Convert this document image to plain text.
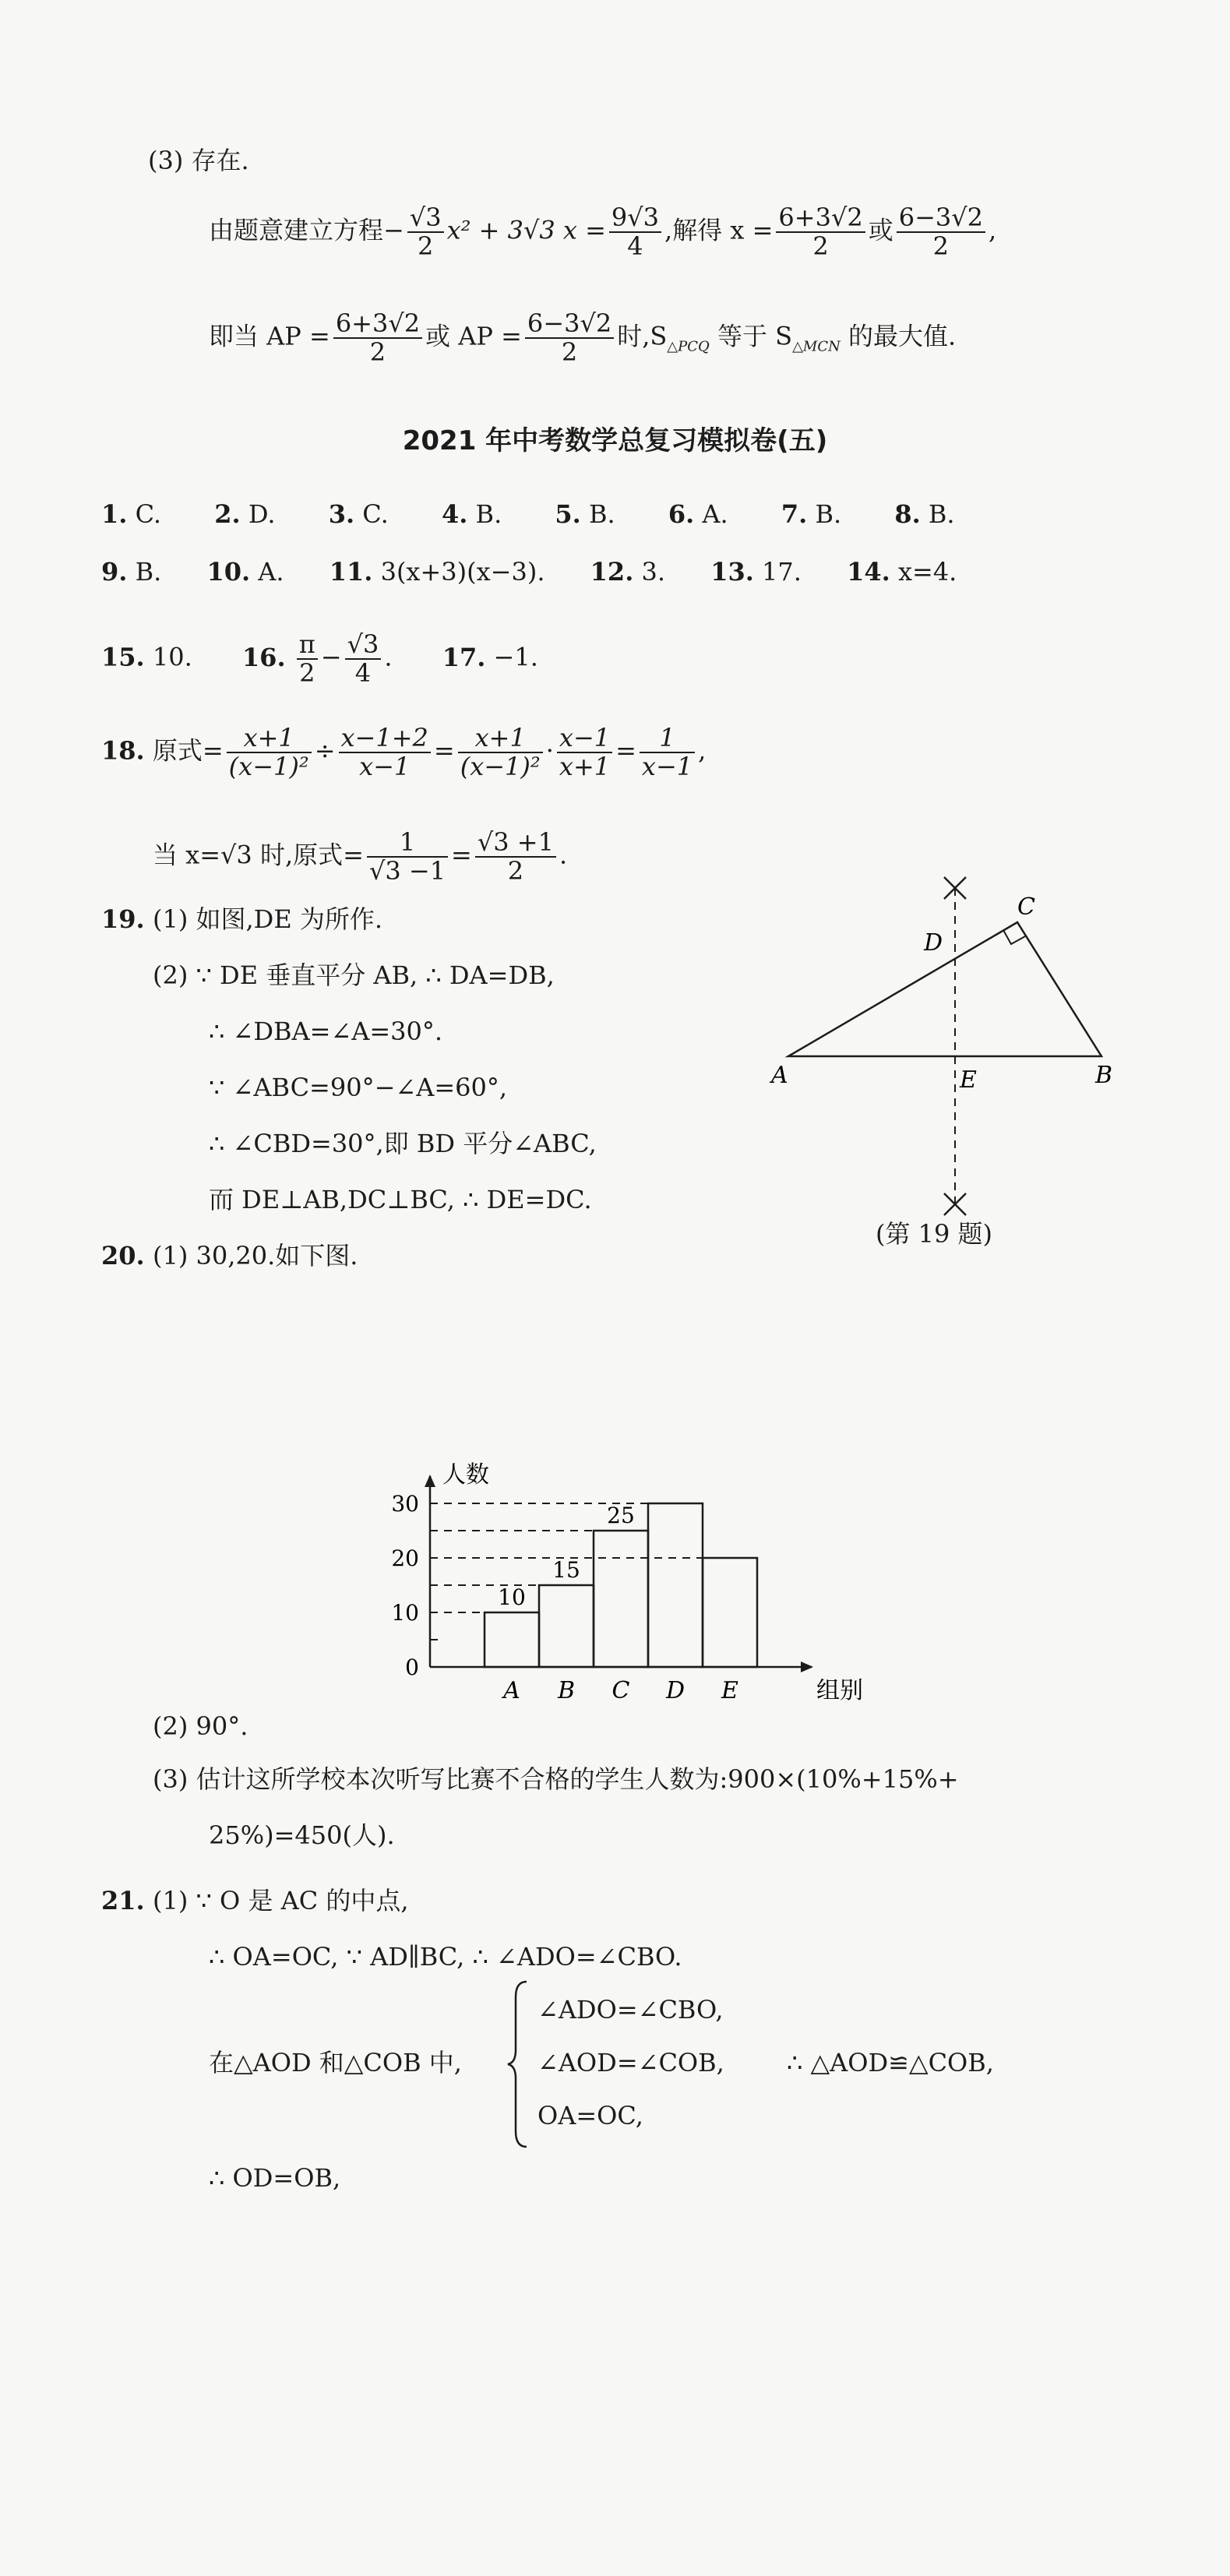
(3) 存在.
由题意建立方程− $\frac{√3}{2} x^2 + 3√3$ $x = \frac{9√3}{4}$ ,解得 $x = \frac{6+3√2}{2}$ 或 $\frac{6-3√2}{2}$ ,
即当 AP = $\frac{6+3√2}{2}$ 或 AP = $\frac{6-3√2}{2}$ 时$,S_{\triangle PCQ}$ 等于 $S_{\triangle MCN}$ 的最大值.
2021 年中考数学总复习模拟卷(五)
1. C. 2. D. 3. C. 4. B. 5. B. 6. A. 7. B. 8. B.
9. B. 10. A. 11. 3(x+3)(x−3). 12. 3. 13. 17. 14. x=4.
15. 10. 16. $\frac{\pi}{2} - \frac{√3}{4}$ . 17. −1.
18. 原式= $\frac{x+1}{\text{(x−1)²}} \div \frac{x-1+2}{x-1} = \frac{x+1}{\text{(x−1)²}} \cdot \frac{x-1}{x+1} = \frac{1}{x-1}$ ,
当 x=√3 时,原式= $\frac{1}{√3 -1} = \frac{√3 +1}{2}$ .
19. (1) 如图,DE 为所作.
(2) ∵ DE 垂直平分 AB, ∴ DA=DB,
∴ ∠DBA=∠A=30°.
∵ ∠ABC=90°−∠A=60°,
∴ ∠CBD=30°,即 BD 平分∠ABC,
而 DE⊥AB,DC⊥BC, ∴ DE=DC.
A	B
C
D
E
(第 19 题)
20. (1) 30,20.如下图.
人数
组别
0
10
20
30
10
A
15
B
25
C D E
(2) 90°.
(3) 估计这所学校本次听写比赛不合格的学生人数为:900×(10%+15%+
25%)=450(人).
21. (1) ∵ O 是 AC 的中点,
∴ OA=OC, ∵ AD∥BC, ∴ ∠ADO=∠CBO.
在△AOD 和△COB 中,
∠ADO=∠CBO,
∠AOD=∠COB,
OA=OC,
∴ △AOD≌△COB,
∴ OD=OB,
